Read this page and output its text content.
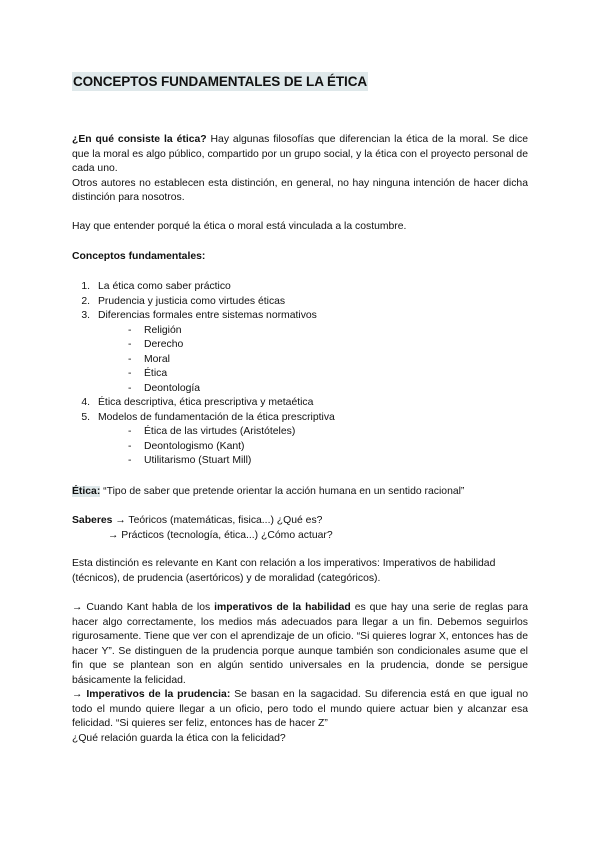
CONCEPTOS FUNDAMENTALES DE LA ÉTICA

¿En qué consiste la ética? Hay algunas filosofías que diferencian la ética de la moral. Se dice que la moral es algo público, compartido por un grupo social, y la ética con el proyecto personal de cada uno.

Otros autores no establecen esta distinción, en general, no hay ninguna intención de hacer dicha distinción para nosotros.

Hay que entender porqué la ética o moral está vinculada a la costumbre.

Conceptos fundamentales:
1. La ética como saber práctico
2. Prudencia y justicia como virtudes éticas
3. Diferencias formales entre sistemas normativos
-	Religión
-	Derecho
-	Moral
-	Ética
-	Deontología
4. Ética descriptiva, ética prescriptiva y metaética
5. Modelos de fundamentación de la ética prescriptiva
-	Ética de las virtudes (Aristóteles)
-	Deontologismo (Kant)
-	Utilitarismo (Stuart Mill)
Ética: “Tipo de saber que pretende orientar la acción humana en un sentido racional”

Saberes → Teóricos (matemáticas, fisica...) ¿Qué es?

→ Prácticos (tecnología, ética...) ¿Cómo actuar?

Esta distinción es relevante en Kant con relación a los imperativos: Imperativos de habilidad (técnicos), de prudencia (asertóricos) y de moralidad (categóricos).

→ Cuando Kant habla de los imperativos de la habilidad es que hay una serie de reglas para hacer algo correctamente, los medios más adecuados para llegar a un fin. Debemos seguirlos rigurosamente. Tiene que ver con el aprendizaje de un oficio. “Si quieres lograr X, entonces has de hacer Y”. Se distinguen de la prudencia porque aunque también son condicionales asume que el fin que se plantean son en algún sentido universales en la prudencia, donde se persigue básicamente la felicidad.

→ Imperativos de la prudencia: Se basan en la sagacidad. Su diferencia está en que igual no todo el mundo quiere llegar a un oficio, pero todo el mundo quiere actuar bien y alcanzar esa felicidad. “Si quieres ser feliz, entonces has de hacer Z”

¿Qué relación guarda la ética con la felicidad?
